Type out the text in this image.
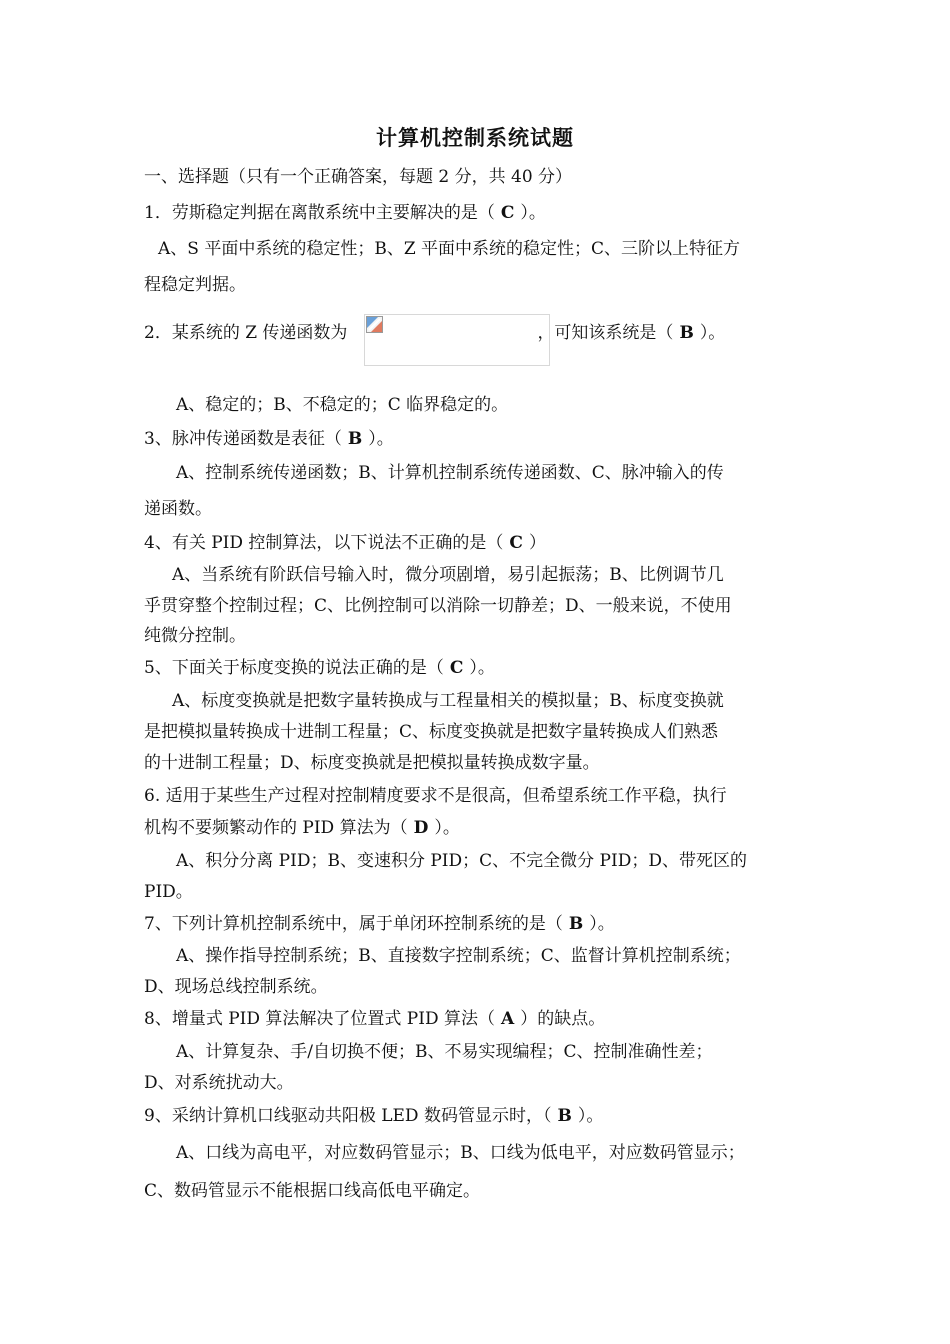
计算机控制系统试题
一、选择题（只有一个正确答案，每题 2 分，共 40 分）
1．劳斯稳定判据在离散系统中主要解决的是（ C ）。
A、S 平面中系统的稳定性；B、Z 平面中系统的稳定性；C、三阶以上特征方
程稳定判据。
2．某系统的 Z 传递函数为	，可知该系统是（ B ）。
A、稳定的；B、不稳定的；C 临界稳定的。
3、脉冲传递函数是表征（ B ）。
A、控制系统传递函数；B、计算机控制系统传递函数、C、脉冲输入的传
递函数。
4、有关 PID 控制算法，以下说法不正确的是（ C ）
A、当系统有阶跃信号输入时，微分项剧增，易引起振荡；B、比例调节几
乎贯穿整个控制过程；C、比例控制可以消除一切静差；D、一般来说，不使用
纯微分控制。
5、下面关于标度变换的说法正确的是（ C ）。
A、标度变换就是把数字量转换成与工程量相关的模拟量；B、标度变换就
是把模拟量转换成十进制工程量；C、标度变换就是把数字量转换成人们熟悉
的十进制工程量；D、标度变换就是把模拟量转换成数字量。
6. 适用于某些生产过程对控制精度要求不是很高，但希望系统工作平稳，执行
机构不要频繁动作的 PID 算法为（ D ）。
A、积分分离 PID；B、变速积分 PID；C、不完全微分 PID；D、带死区的
PID。
7、下列计算机控制系统中，属于单闭环控制系统的是（ B ）。
A、操作指导控制系统；B、直接数字控制系统；C、监督计算机控制系统；
D、现场总线控制系统。
8、增量式 PID 算法解决了位置式 PID 算法（ A ）的缺点。
A、计算复杂、手/自切换不便；B、不易实现编程；C、控制准确性差；
D、对系统扰动大。
9、采纳计算机口线驱动共阳极 LED 数码管显示时，（ B ）。
A、口线为高电平，对应数码管显示；B、口线为低电平，对应数码管显示；
C、数码管显示不能根据口线高低电平确定。
